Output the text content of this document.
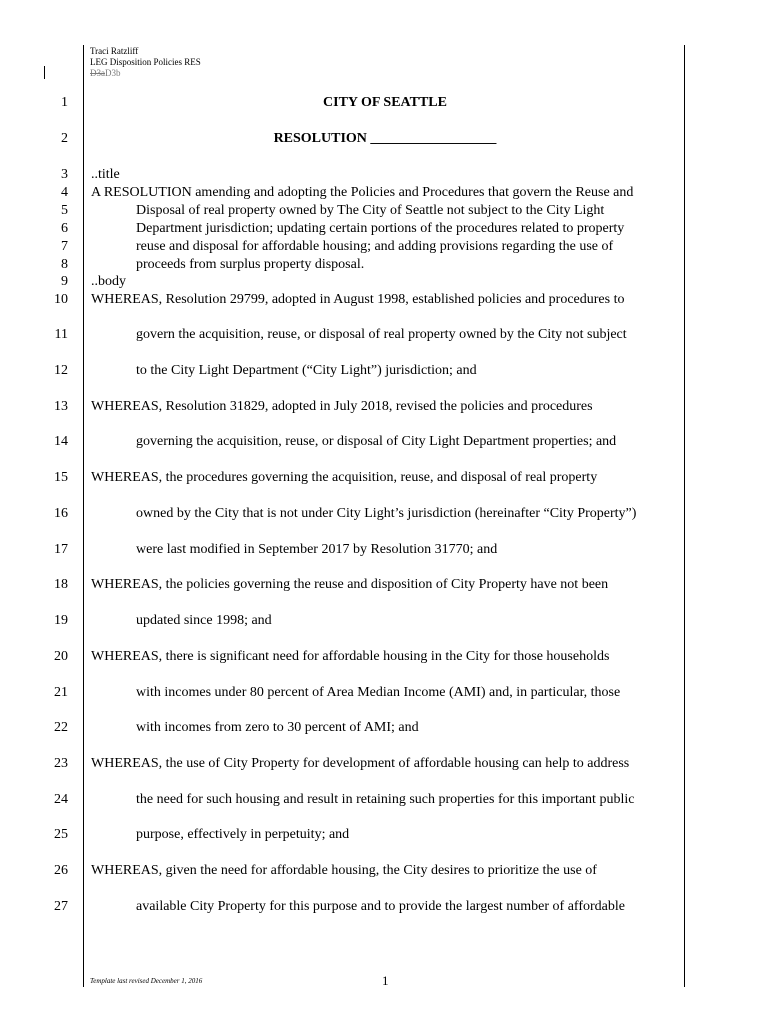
Traci Ratzliff
LEG Disposition Policies RES
D3aD3b
1
2
3
4
5
6
7
8
9
10
11
12
13
14
15
16
17
18
19
20
21
22
23
24
25
26
27
CITY OF SEATTLE
RESOLUTION __________________
..title
A RESOLUTION amending and adopting the Policies and Procedures that govern the Reuse and
Disposal of real property owned by The City of Seattle not subject to the City Light
Department jurisdiction; updating certain portions of the procedures related to property
reuse and disposal for affordable housing; and adding provisions regarding the use of
proceeds from surplus property disposal.
..body
WHEREAS, Resolution 29799, adopted in August 1998, established policies and procedures to
govern the acquisition, reuse, or disposal of real property owned by the City not subject
to the City Light Department (“City Light”) jurisdiction; and
WHEREAS, Resolution 31829, adopted in July 2018, revised the policies and procedures
governing the acquisition, reuse, or disposal of City Light Department properties; and
WHEREAS, the procedures governing the acquisition, reuse, and disposal of real property
owned by the City that is not under City Light’s jurisdiction (hereinafter “City Property”)
were last modified in September 2017 by Resolution 31770; and
WHEREAS, the policies governing the reuse and disposition of City Property have not been
updated since 1998; and
WHEREAS, there is significant need for affordable housing in the City for those households
with incomes under 80 percent of Area Median Income (AMI) and, in particular, those
with incomes from zero to 30 percent of AMI; and
WHEREAS, the use of City Property for development of affordable housing can help to address
the need for such housing and result in retaining such properties for this important public
purpose, effectively in perpetuity; and
WHEREAS, given the need for affordable housing, the City desires to prioritize the use of
available City Property for this purpose and to provide the largest number of affordable
Template last revised December 1, 2016	1
